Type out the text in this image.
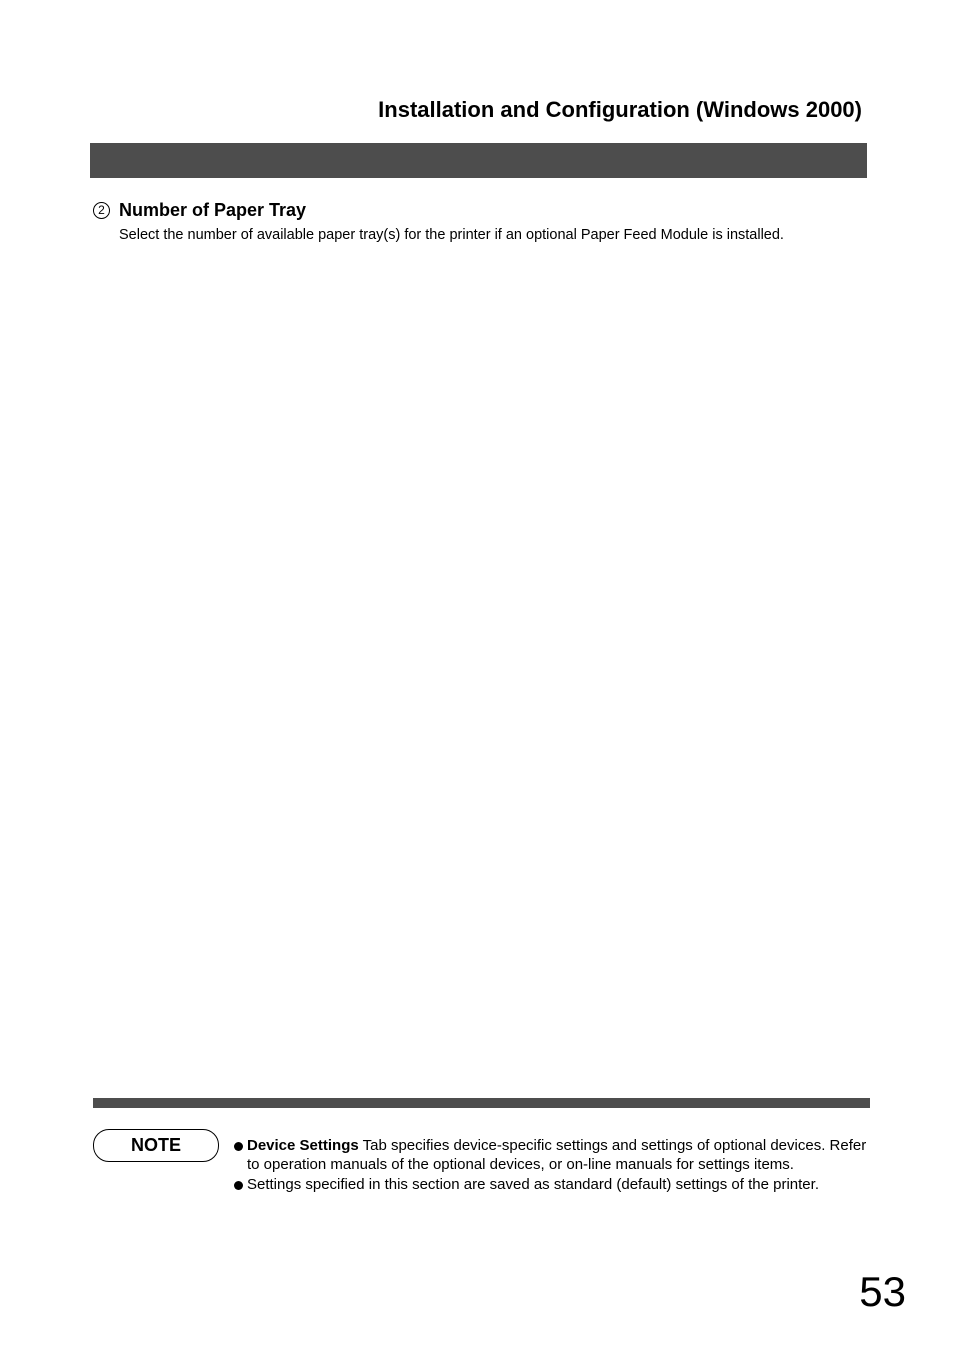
Installation and Configuration (Windows 2000)
2 Number of Paper Tray
Select the number of available paper tray(s) for the printer if an optional Paper Feed Module is installed.
NOTE	Device Settings Tab specifies device-specific settings and settings of optional devices. Refer to operation manuals of the optional devices, or on-line manuals for settings items.
Settings specified in this section are saved as standard (default) settings of the printer.
53
